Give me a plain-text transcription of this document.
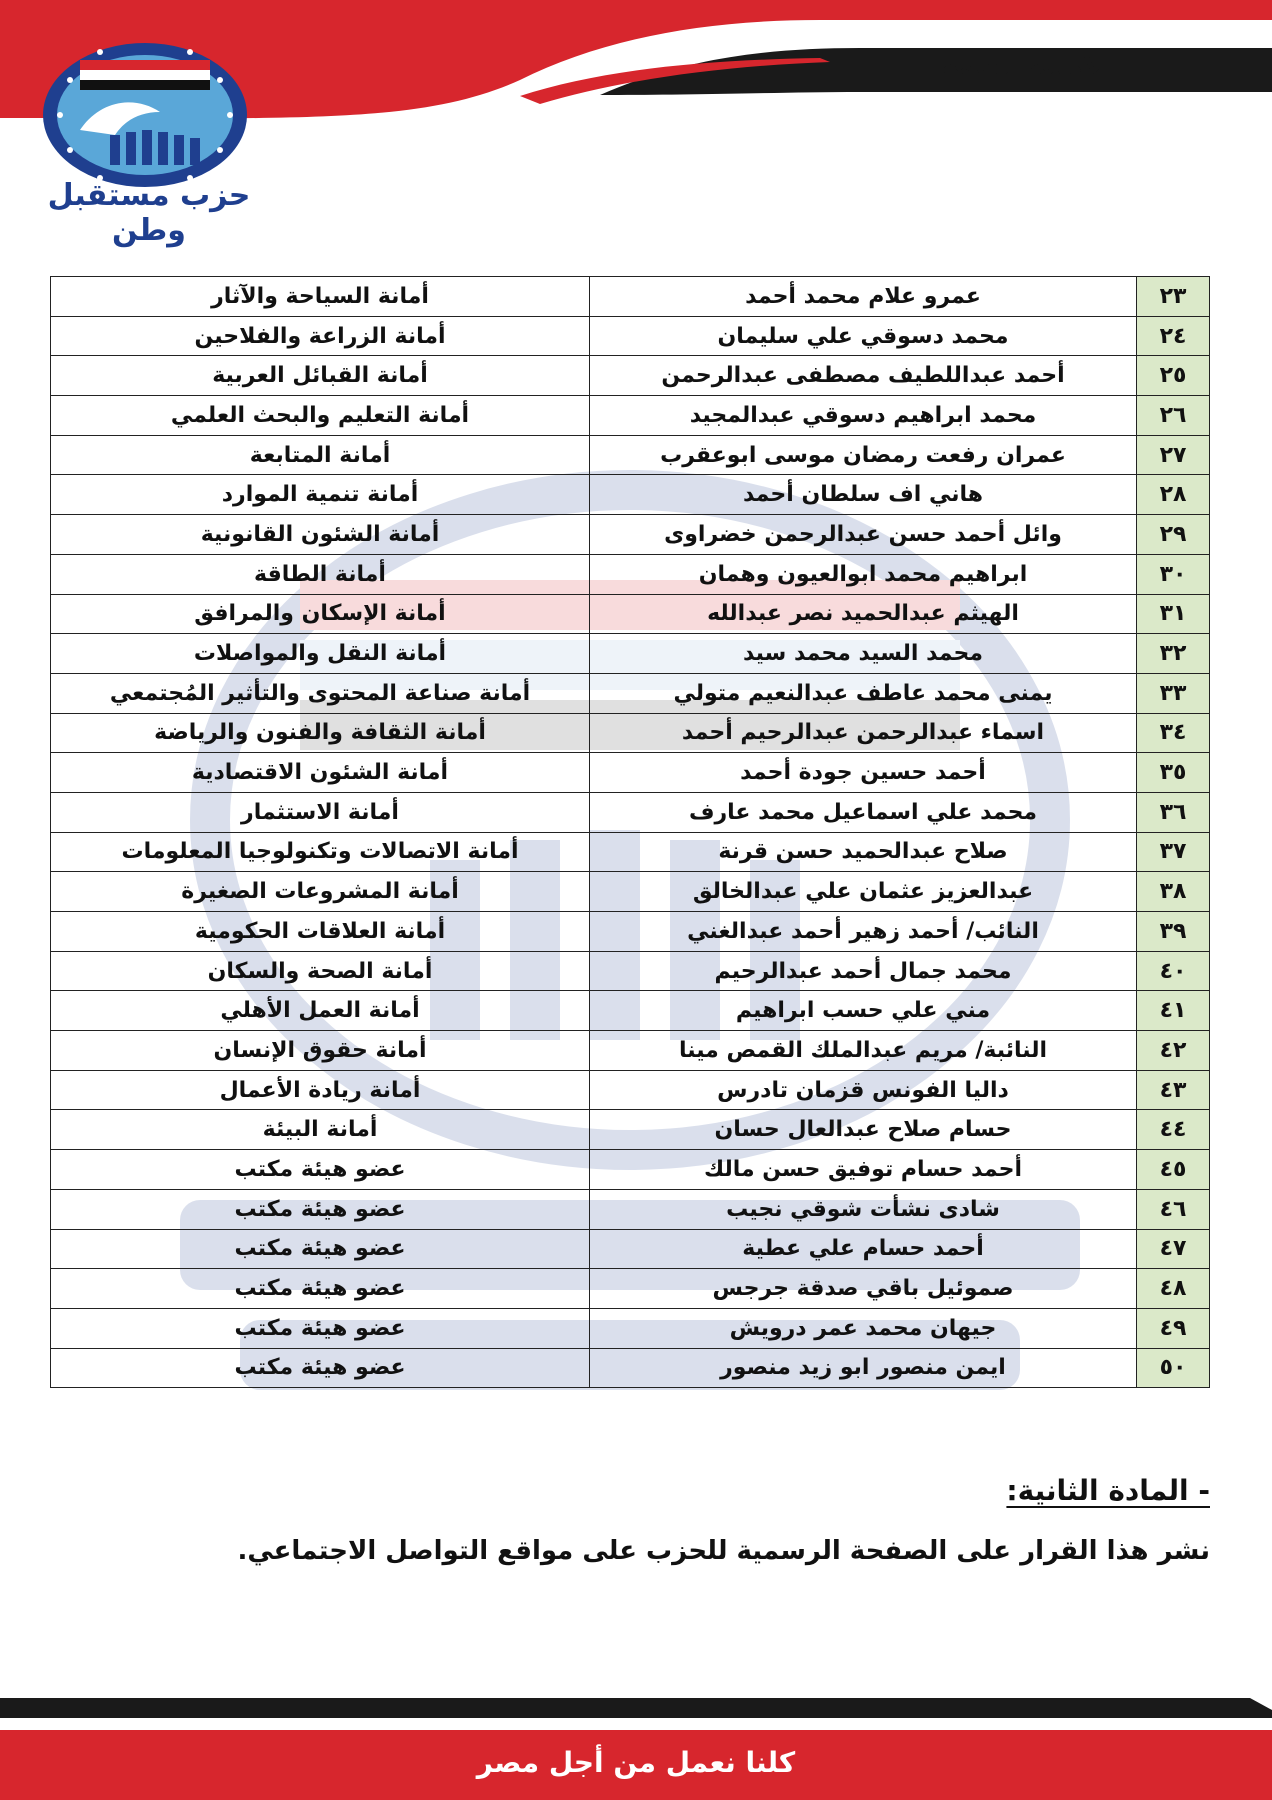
الأمانة العامة
حزب مستقبل وطن
٢٣	عمرو علام محمد أحمد	أمانة السياحة والآثار
٢٤	محمد دسوقي علي سليمان	أمانة الزراعة والفلاحين
٢٥	أحمد عبداللطيف مصطفى عبدالرحمن	أمانة القبائل العربية
٢٦	محمد ابراهيم دسوقي عبدالمجيد	أمانة التعليم والبحث العلمي
٢٧	عمران رفعت رمضان موسى ابوعقرب	أمانة المتابعة
٢٨	هاني اف سلطان أحمد	أمانة تنمية الموارد
٢٩	وائل أحمد حسن عبدالرحمن خضراوى	أمانة الشئون القانونية
٣٠	ابراهيم محمد ابوالعيون وهمان	أمانة الطاقة
٣١	الهيثم عبدالحميد نصر عبدالله	أمانة الإسكان والمرافق
٣٢	محمد السيد محمد سيد	أمانة النقل والمواصلات
٣٣	يمنى محمد عاطف عبدالنعيم متولي	أمانة صناعة المحتوى والتأثير المُجتمعي
٣٤	اسماء عبدالرحمن عبدالرحيم أحمد	أمانة الثقافة والفنون والرياضة
٣٥	أحمد حسين جودة أحمد	أمانة الشئون الاقتصادية
٣٦	محمد علي اسماعيل محمد عارف	أمانة الاستثمار
٣٧	صلاح عبدالحميد حسن قرنة	أمانة الاتصالات وتكنولوجيا المعلومات
٣٨	عبدالعزيز عثمان علي عبدالخالق	أمانة المشروعات الصغيرة
٣٩	النائب/ أحمد زهير أحمد عبدالغني	أمانة العلاقات الحكومية
٤٠	محمد جمال أحمد عبدالرحيم	أمانة الصحة والسكان
٤١	مني علي حسب ابراهيم	أمانة العمل الأهلي
٤٢	النائبة/ مريم عبدالملك القمص مينا	أمانة حقوق الإنسان
٤٣	داليا الفونس قزمان تادرس	أمانة ريادة الأعمال
٤٤	حسام صلاح عبدالعال حسان	أمانة البيئة
٤٥	أحمد حسام توفيق حسن مالك	عضو هيئة مكتب
٤٦	شادى نشأت شوقي نجيب	عضو هيئة مكتب
٤٧	أحمد حسام علي عطية	عضو هيئة مكتب
٤٨	صموئيل باقي صدقة جرجس	عضو هيئة مكتب
٤٩	جيهان محمد عمر درويش	عضو هيئة مكتب
٥٠	ايمن منصور ابو زيد منصور	عضو هيئة مكتب
- المادة الثانية:
نشر هذا القرار على الصفحة الرسمية للحزب على مواقع التواصل الاجتماعي.
كلنا نعمل من أجل مصر
